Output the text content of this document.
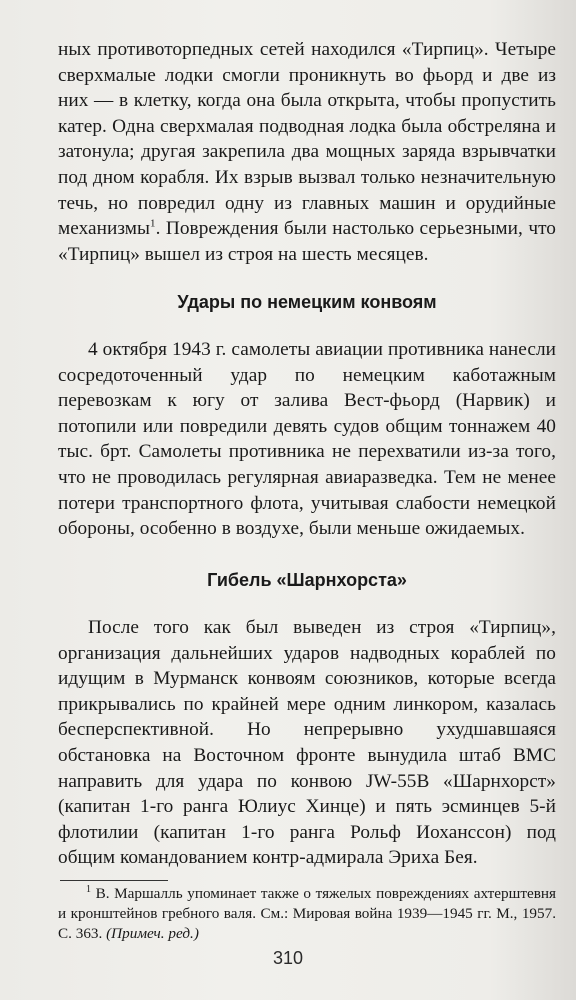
ных противоторпедных сетей находился «Тирпиц». Четыре сверхмалые лодки смогли проникнуть во фьорд и две из них — в клетку, когда она была открыта, чтобы пропустить катер. Одна сверхмалая подводная лодка была обстреляна и затонула; другая закрепила два мощных заряда взрывчатки под дном корабля. Их взрыв вызвал только незначительную течь, но повредил одну из главных машин и орудийные механизмы$^1$. Повреждения были настолько серьезными, что «Тирпиц» вышел из строя на шесть месяцев.

Удары по немецким конвоям

4 октября 1943 г. самолеты авиации противника нанесли сосредоточенный удар по немецким каботажным перевозкам к югу от залива Вест-фьорд (Нарвик) и потопили или повредили девять судов общим тоннажем 40 тыс. брт. Самолеты противника не перехватили из-за того, что не проводилась регулярная авиаразведка. Тем не менее потери транспортного флота, учитывая слабости немецкой обороны, особенно в воздухе, были меньше ожидаемых.

Гибель «Шарнхорста»

После того как был выведен из строя «Тирпиц», организация дальнейших ударов надводных кораблей по идущим в Мурманск конвоям союзников, которые всегда прикрывались по крайней мере одним линкором, казалась бесперспективной. Но непрерывно ухудшавшаяся обстановка на Восточном фронте вынудила штаб ВМС направить для удара по конвою JW-55B «Шарнхорст» (капитан 1-го ранга Юлиус Хинце) и пять эсминцев 5-й флотилии (капитан 1-го ранга Рольф Иохансcон) под общим командованием контр-адмирала Эриха Бея.

$^1$ В. Маршалль упоминает также о тяжелых повреждениях ахтерштевня и кронштейнов гребного валя. См.: Мировая война 1939—1945 гг. М., 1957. С. 363. (Примеч. ред.)
310
